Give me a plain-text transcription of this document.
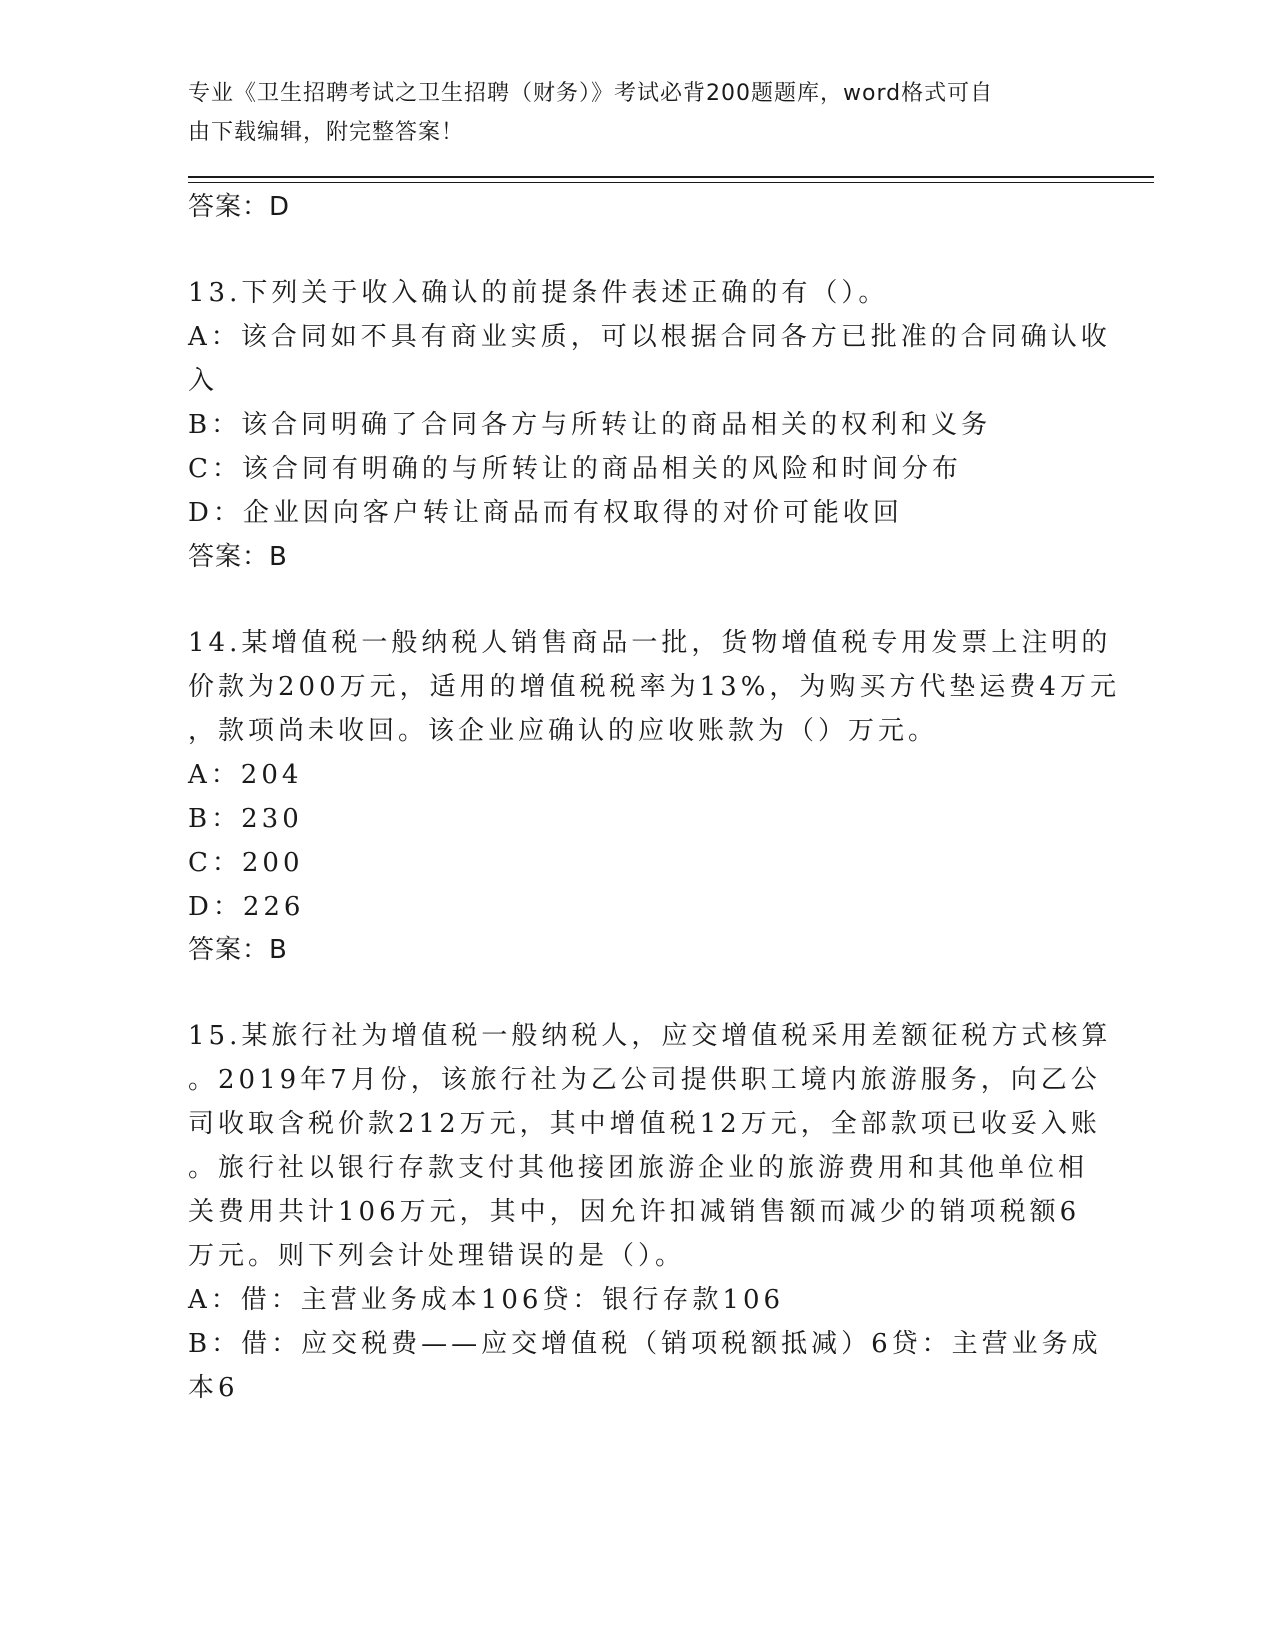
专业《卫生招聘考试之卫生招聘（财务）》考试必背200题题库，word格式可自
由下载编辑，附完整答案！
答案：D
13.下列关于收入确认的前提条件表述正确的有（）。
A：该合同如不具有商业实质，可以根据合同各方已批准的合同确认收
入
B：该合同明确了合同各方与所转让的商品相关的权利和义务
C：该合同有明确的与所转让的商品相关的风险和时间分布
D：企业因向客户转让商品而有权取得的对价可能收回
答案：B
14.某增值税一般纳税人销售商品一批，货物增值税专用发票上注明的
价款为200万元，适用的增值税税率为13%，为购买方代垫运费4万元
，款项尚未收回。该企业应确认的应收账款为（）万元。
A：204
B：230
C：200
D：226
答案：B
15.某旅行社为增值税一般纳税人，应交增值税采用差额征税方式核算
。2019年7月份，该旅行社为乙公司提供职工境内旅游服务，向乙公
司收取含税价款212万元，其中增值税12万元，全部款项已收妥入账
。旅行社以银行存款支付其他接团旅游企业的旅游费用和其他单位相
关费用共计106万元，其中，因允许扣减销售额而减少的销项税额6
万元。则下列会计处理错误的是（）。
A：借：主营业务成本106贷：银行存款106
B：借：应交税费——应交增值税（销项税额抵减）6贷：主营业务成
本6
